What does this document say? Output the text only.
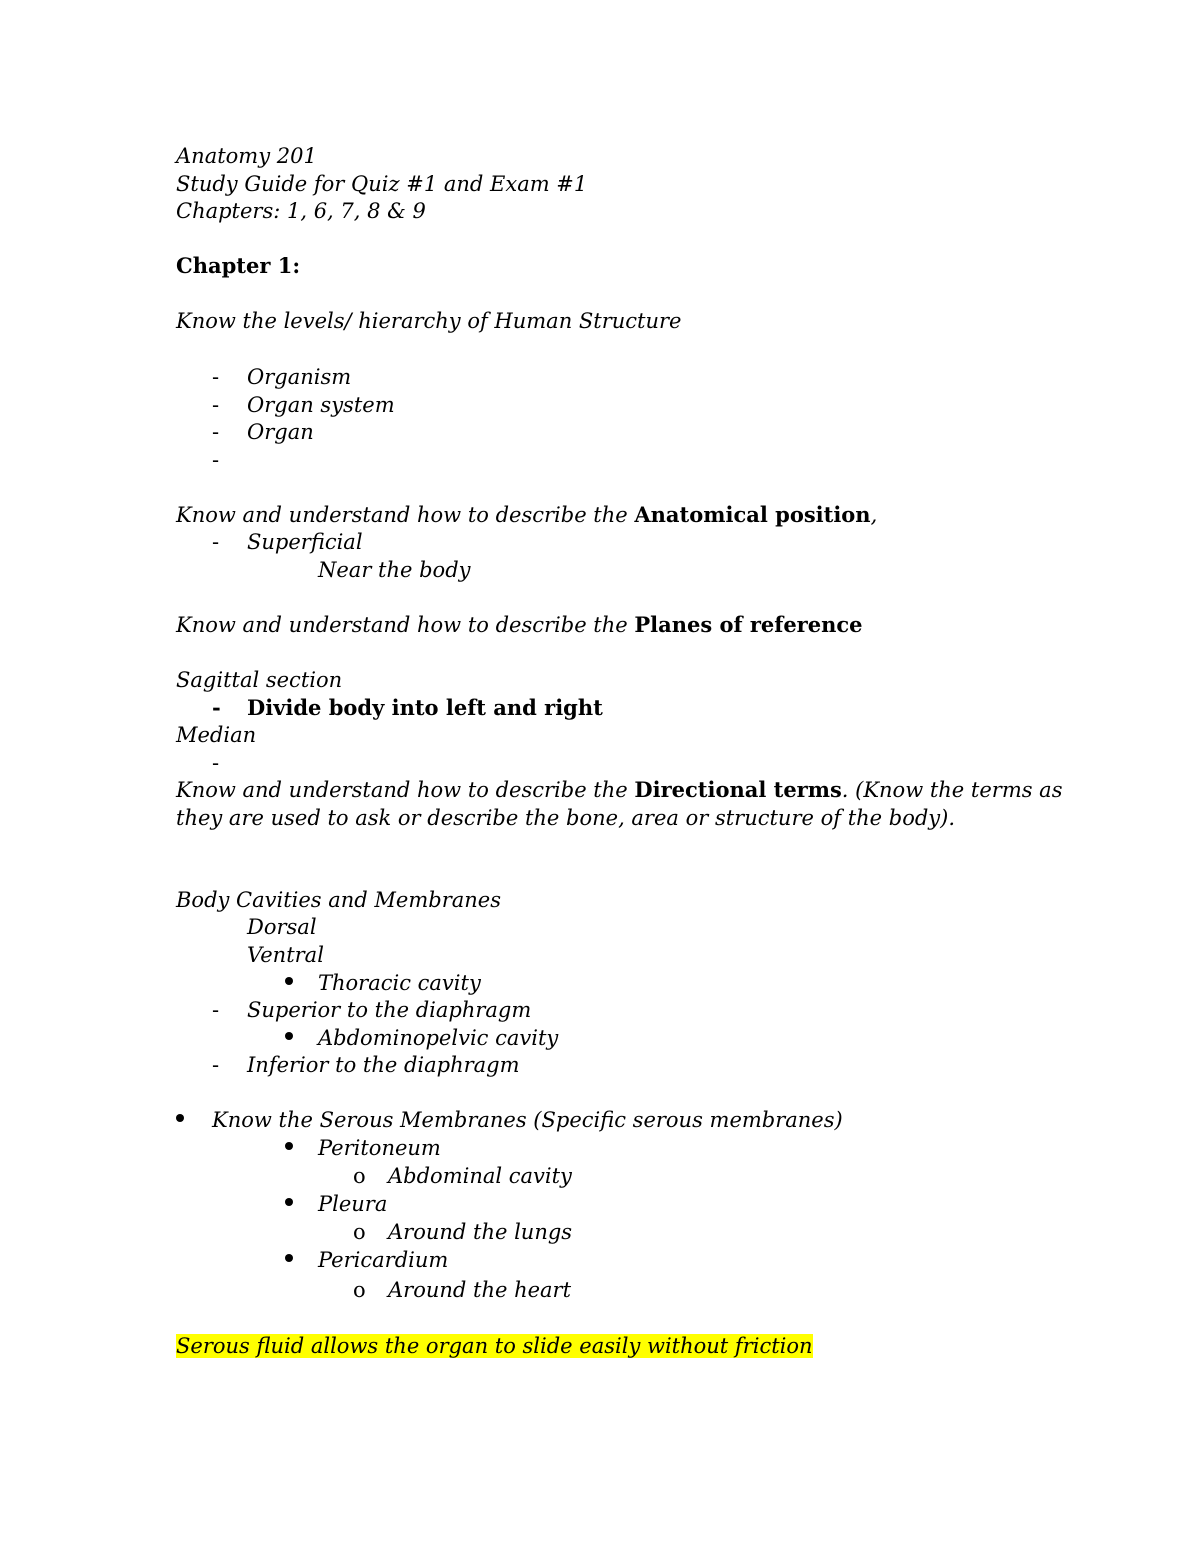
Anatomy 201

Study Guide for Quiz #1 and Exam #1

Chapters: 1, 6, 7, 8 & 9

Chapter 1:

Know the levels/ hierarchy of Human Structure

- Organism

- Organ system

- Organ

-

Know and understand how to describe the Anatomical position,

- Superficial

Near the body

Know and understand how to describe the Planes of reference

Sagittal section

- Divide body into left and right

Median

-

Know and understand how to describe the Directional terms. (Know the terms as

they are used to ask or describe the bone, area or structure of the body).

Body Cavities and Membranes

Dorsal

Ventral

Thoracic cavity

- Superior to the diaphragm

Abdominopelvic cavity

- Inferior to the diaphragm

Know the Serous Membranes (Specific serous membranes)

Peritoneum

o Abdominal cavity

Pleura

o Around the lungs

Pericardium

o Around the heart

Serous fluid allows the organ to slide easily without friction
